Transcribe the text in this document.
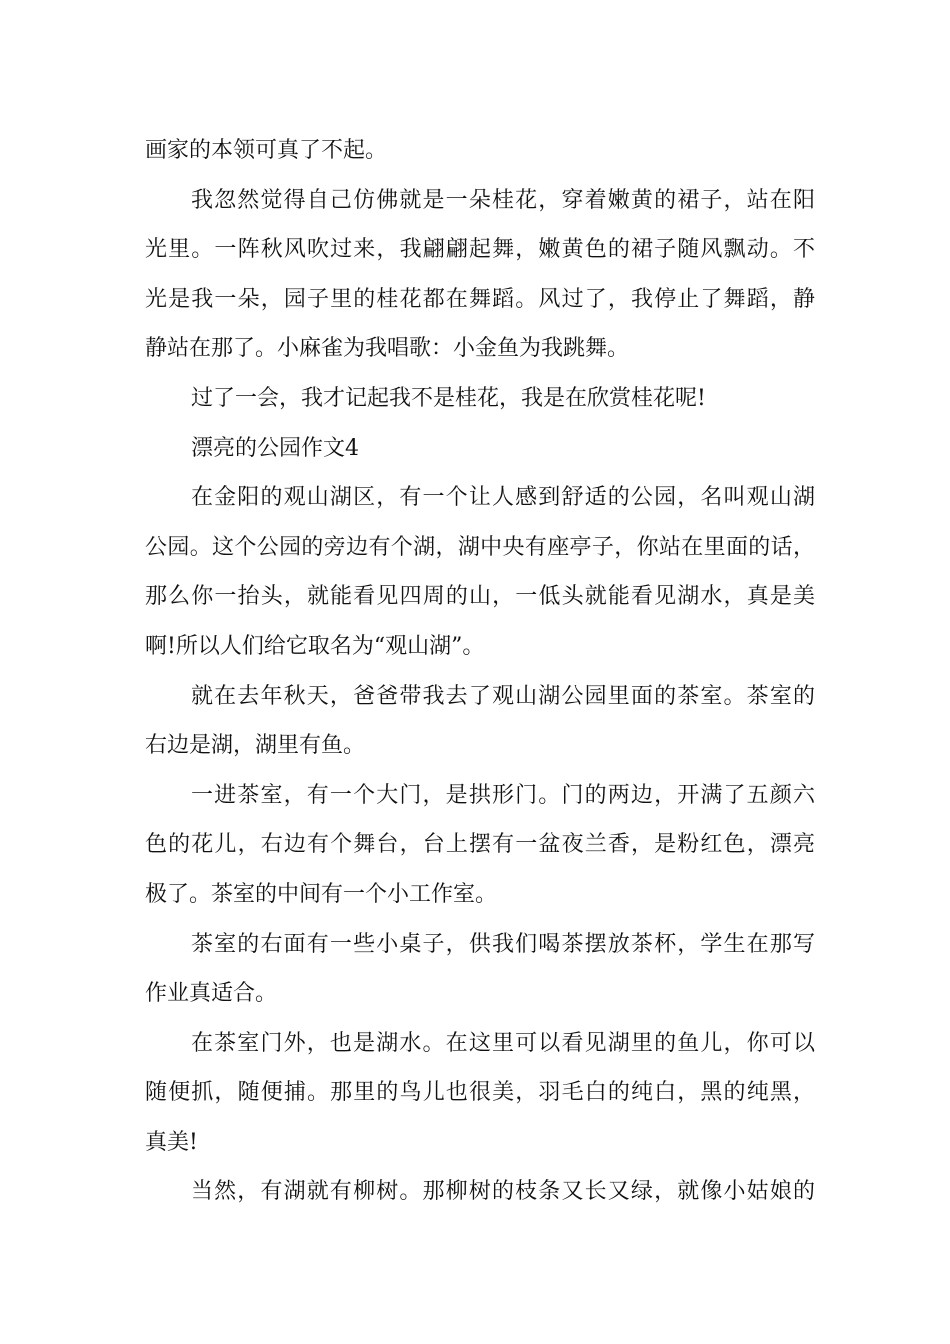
画家的本领可真了不起。
我忽然觉得自己仿佛就是一朵桂花，穿着嫩黄的裙子，站在阳
光里。一阵秋风吹过来，我翩翩起舞，嫩黄色的裙子随风飘动。不
光是我一朵，园子里的桂花都在舞蹈。风过了，我停止了舞蹈，静
静站在那了。小麻雀为我唱歌：小金鱼为我跳舞。
过了一会，我才记起我不是桂花，我是在欣赏桂花呢!
漂亮的公园作文4
在金阳的观山湖区，有一个让人感到舒适的公园，名叫观山湖
公园。这个公园的旁边有个湖，湖中央有座亭子，你站在里面的话，
那么你一抬头，就能看见四周的山，一低头就能看见湖水，真是美
啊!所以人们给它取名为“观山湖”。
就在去年秋天，爸爸带我去了观山湖公园里面的茶室。茶室的
右边是湖，湖里有鱼。
一进茶室，有一个大门，是拱形门。门的两边，开满了五颜六
色的花儿，右边有个舞台，台上摆有一盆夜兰香，是粉红色，漂亮
极了。茶室的中间有一个小工作室。
茶室的右面有一些小桌子，供我们喝茶摆放茶杯，学生在那写
作业真适合。
在茶室门外，也是湖水。在这里可以看见湖里的鱼儿，你可以
随便抓，随便捕。那里的鸟儿也很美，羽毛白的纯白，黑的纯黑，
真美!
当然，有湖就有柳树。那柳树的枝条又长又绿，就像小姑娘的
